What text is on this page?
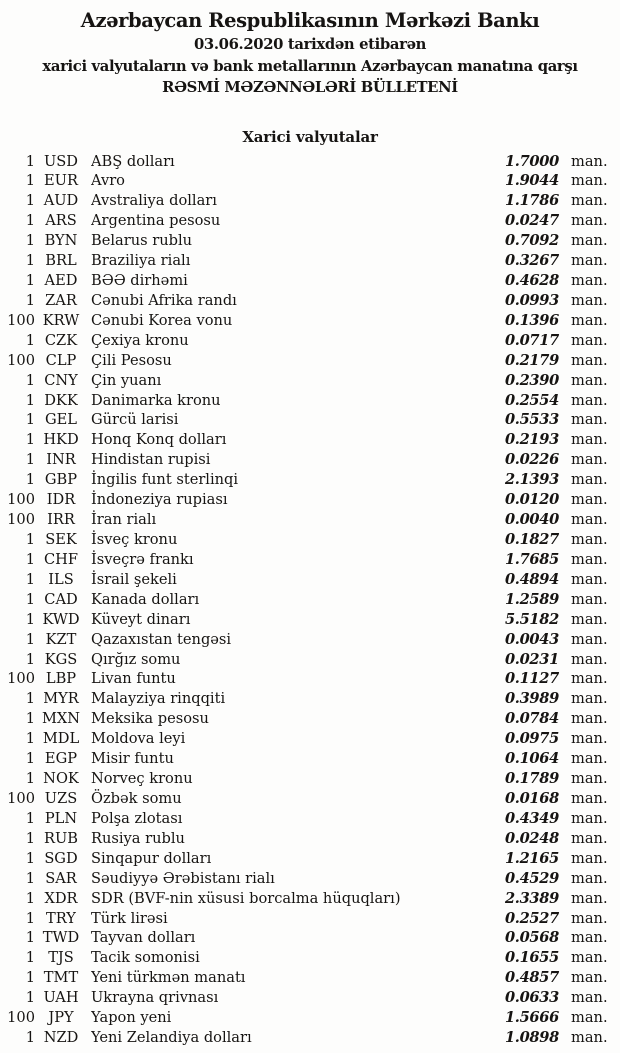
Azərbaycan Respublikasının Mərkəzi Bankı
03.06.2020 tarixdən etibarən
xarici valyutaların və bank metallarının Azərbaycan manatına qarşı
RƏSMİ MƏZƏNNƏLƏRİ BÜLLETENİ
Xarici valyutalar
1 USD ABŞ dolları	1.7000 man.
1 EUR Avro	1.9044 man.
1 AUD Avstraliya dolları	1.1786 man.
1 ARS Argentina pesosu	0.0247 man.
1 BYN Belarus rublu	0.7092 man.
1 BRL Braziliya rialı	0.3267 man.
1 AED BƏƏ dirhəmi	0.4628 man.
1 ZAR Cənubi Afrika randı	0.0993 man.
100 KRW Cənubi Korea vonu	0.1396 man.
1 CZK Çexiya kronu	0.0717 man.
100 CLP	Çili Pesosu	0.2179 man.
1 CNY Çin yuanı	0.2390 man.
1 DKK Danimarka kronu	0.2554 man.
1 GEL Gürcü larisi	0.5533 man.
1 HKD Honq Konq dolları	0.2193 man.
1 INR	Hindistan rupisi	0.0226 man.
1 GBP İngilis funt sterlinqi	2.1393 man.
100 IDR	İndoneziya rupiası	0.0120 man.
100 IRR	İran rialı	0.0040 man.
1 SEK İsveç kronu	0.1827 man.
1 CHF İsveçrə frankı	1.7685 man.
1 ILS	İsrail şekeli	0.4894 man.
1 CAD Kanada dolları	1.2589 man.
1 KWD Küveyt dinarı	5.5182 man.
1 KZT	Qazaxıstan tengəsi	0.0043 man.
1 KGS Qırğız somu	0.0231 man.
100 LBP	Livan funtu	0.1127 man.
1 MYR Malayziya rinqqiti	0.3989 man.
1 MXN Meksika pesosu	0.0784 man.
1 MDL Moldova leyi	0.0975 man.
1 EGP Misir funtu	0.1064 man.
1 NOK Norveç kronu	0.1789 man.
100 UZS Özbək somu	0.0168 man.
1 PLN Polşa zlotası	0.4349 man.
1 RUB Rusiya rublu	0.0248 man.
1 SGD Sinqapur dolları	1.2165 man.
1 SAR Səudiyyə Ərəbistanı rialı	0.4529 man.
1 XDR SDR (BVF-nin xüsusi borcalma hüquqları)	2.3389 man.
1 TRY	Türk lirəsi	0.2527 man.
1 TWD Tayvan dolları	0.0568 man.
1 TJS	Tacik somonisi	0.1655 man.
1 TMT Yeni türkmən manatı	0.4857 man.
1 UAH Ukrayna qrivnası	0.0633 man.
100 JPY	Yapon yeni	1.5666 man.
1 NZD Yeni Zelandiya dolları	1.0898 man.
